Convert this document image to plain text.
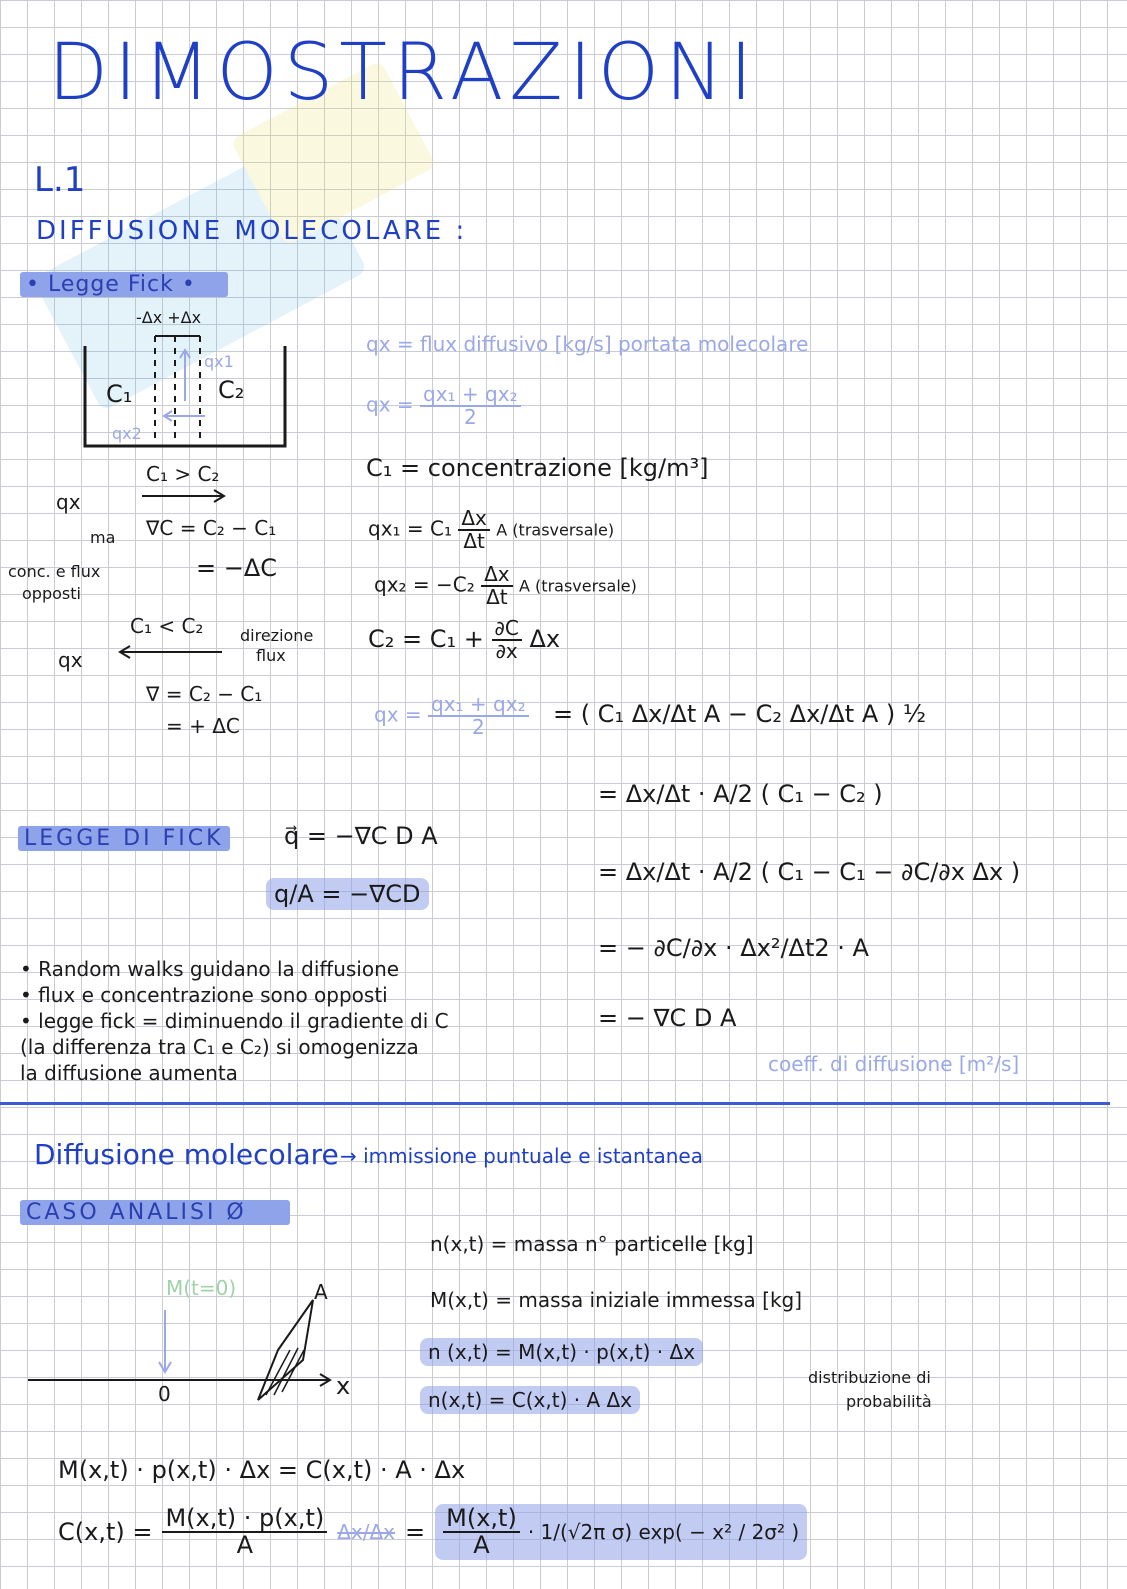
DIMOSTRAZIONI
L.1
DIFFUSIONE MOLECOLARE :
• Legge Fick •
-Δx +Δx
C₁	C₂
qx1
qx2
C₁ > C₂
qx
ma ∇C = C₂ − C₁
conc. e flux
opposti
= −ΔC
C₁ < C₂ direzione
flux
qx
∇ = C₂ − C₁
= + ΔC
qx = flux diffusivo [kg/s] portata molecolare
qx = $\frac{\text{qx₁ + qx₂}}{2}$
C₁ = concentrazione [kg/m³]
$qx_1 = C_1 \frac{\Delta x}{\Delta t}$ A (trasversale)
$qx_2 = -C_2 \frac{\Delta x}{\Delta t}$ A (trasversale)
$C_2 = C_1 + \frac{\partial C}{\partial x}$ Δx
qx = $\frac{\text{qx₁ + qx₂}}{2}$ = ( C₁ Δx/Δt A − C₂ Δx/Δt A ) ½
= Δx/Δt · A/2 ( C₁ − C₂ )
= Δx/Δt · A/2 ( C₁ − C₁ − ∂C/∂x Δx )
= − ∂C/∂x · Δx²/Δt2 · A
= − ∇C D A
coeff. di diffusione [m²/s]
LEGGE DI FICK	q⃗ = −∇C D A
q/A = −∇CD
• Random walks guidano la diffusione
• flux e concentrazione sono opposti
• legge fick = diminuendo il gradiente di C
(la differenza tra C₁ e C₂) si omogenizza
la diffusione aumenta
Diffusione molecolare → immissione puntuale e istantanea
CASO ANALISI Ø
n(x,t) = massa n° particelle [kg]
M(x,t) = massa iniziale immessa [kg]
n (x,t) = M(x,t) · p(x,t) · Δx
n(x,t) = C(x,t) · A Δx
distribuzione di
probabilità
M(t=0)
0	x
A
M(x,t) · p(x,t) · Δx = C(x,t) · A · Δx
$C(x,t) = \frac{M(x,t) \cdot p(x,t)}{A} \Delta x/\Delta x = \frac{M(x,t)}{A} \cdot 1/(√2\pi$ σ) exp( − x² / 2σ² )
